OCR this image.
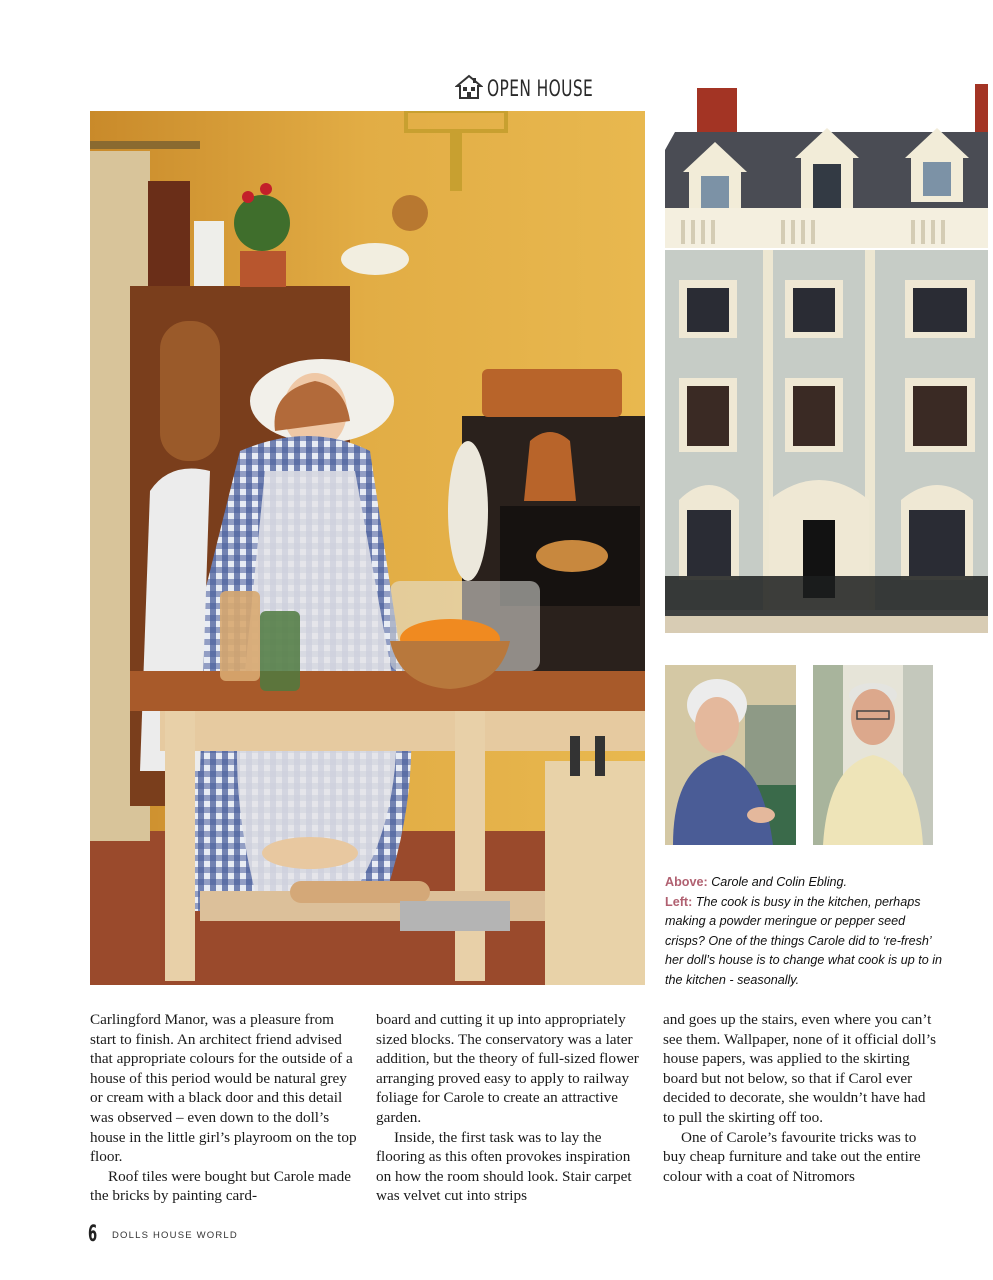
OPEN HOUSE
Above: Carole and Colin Ebling.
Left: The cook is busy in the kitchen, perhaps making a powder meringue or pepper seed crisps? One of the things Carole did to ‘re-fresh’ her doll’s house is to change what cook is up to in the kitchen - seasonally.

Carlingford Manor, was a pleasure from start to finish. An architect friend advised that appropriate colours for the outside of a house of this period would be natural grey or cream with a black door and this detail was observed – even down to the doll’s house in the little girl’s playroom on the top floor.

Roof tiles were bought but Carole made the bricks by painting card-

board and cutting it up into appropriately sized blocks. The conservatory was a later addition, but the theory of full-sized flower arranging proved easy to apply to railway foliage for Carole to create an attractive garden.

Inside, the first task was to lay the flooring as this often provokes inspiration on how the room should look. Stair carpet was velvet cut into strips

and goes up the stairs, even where you can’t see them. Wallpaper, none of it official doll’s house papers, was applied to the skirting board but not below, so that if Carol ever decided to decorate, she wouldn’t have had to pull the skirting off too.

One of Carole’s favourite tricks was to buy cheap furniture and take out the entire colour with a coat of Nitromors

6 DOLLS HOUSE WORLD
